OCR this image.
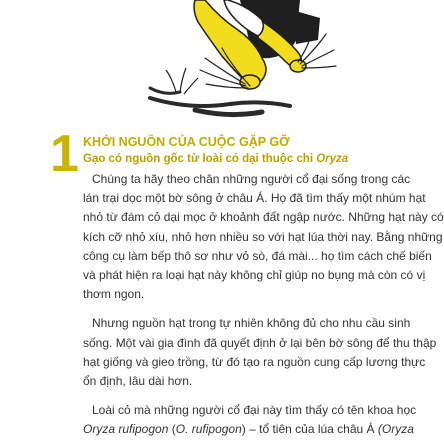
1 KHỞI NGUỒN CỦA CUỘC GẶP GỠ
Gạo có nguồn gốc từ loài cỏ dại thuộc chi Oryza
Chúng ta hãy theo chân những người cổ đại sống trong các
lán trại dọc một bờ sông ở châu Á. Họ đã tìm thấy một nhúm hạt
nhỏ từ đám cỏ dại mọc ở khoảnh đất ngập nước. Những hạt này có
kích cỡ nhỏ xíu, nhỏ hơn nhiều so với hạt lúa thời nay. Bằng những
công cụ làm bếp thô sơ như vỏ sò, đá mài... họ tìm cách chế biến
và phát hiện ra loại hạt này không chỉ giúp no bụng mà còn có vị
thơm ngon.
Nhưng nguồn hạt trong tự nhiên không đủ cho nhu cầu sinh
sống. Một vài gia đình đã quyết định ở lại bên bờ sông để thu thập
hạt giống và gieo trồng, từ đó tạo ra nguồn cung cấp lương thực
ổn định, lâu dài hơn.
Loài cỏ mà những người cổ đại này tìm thấy có tên khoa học
Oryza rufipogon (O. rufipogon) – tổ tiên của lúa châu Á (Oryza
